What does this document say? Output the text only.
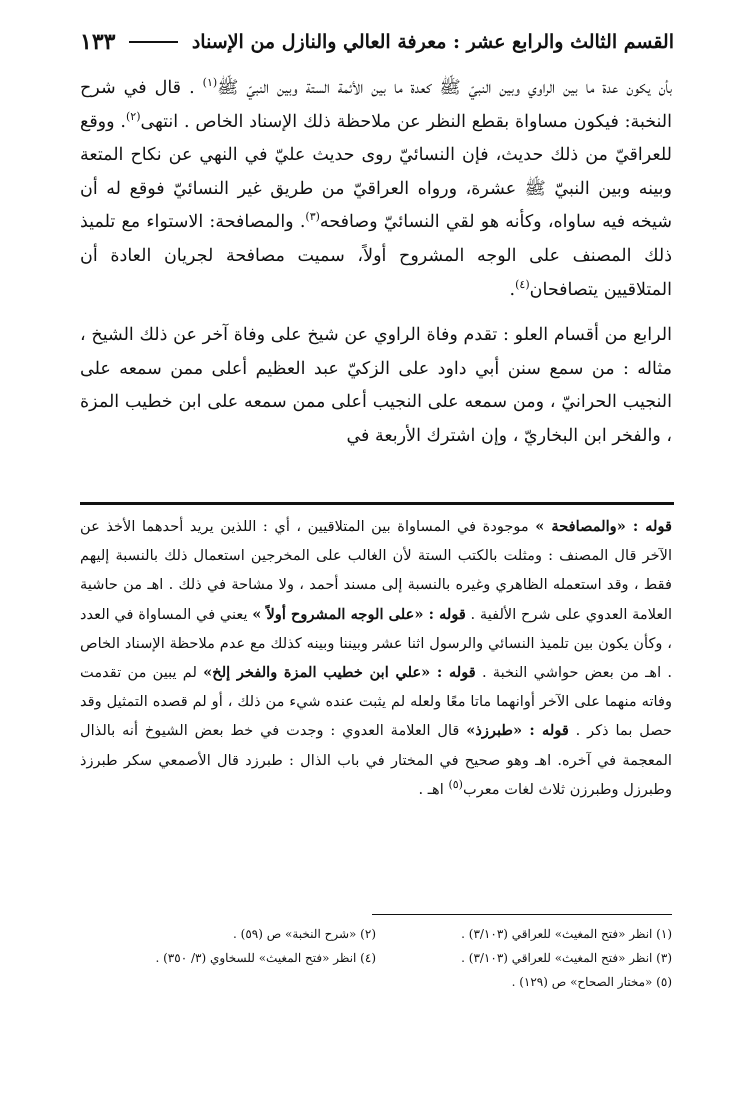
القسم الثالث والرابع عشر : معرفة العالي والنازل من الإسناد
١٣٣

بأن يكون عدة ما بين الراوي وبين النبيّ ﷺ كعدة ما بين الأئمة الستة وبين النبيّ ﷺ$^{(١)}$ . قال في شرح النخبة: فيكون مساواة بقطع النظر عن ملاحظة ذلك الإسناد الخاص . انتهى$^{(٢)}$. ووقع للعراقيّ من ذلك حديث، فإن النسائيّ روى حديث عليّ في النهي عن نكاح المتعة وبينه وبين النبيّ ﷺ عشرة، ورواه العراقيّ من طريق غير النسائيّ فوقع له أن شيخه فيه ساواه، وكأنه هو لقي النسائيّ وصافحه$^{(٣)}$. والمصافحة: الاستواء مع تلميذ ذلك المصنف على الوجه المشروح أولاً، سميت مصافحة لجريان العادة أن المتلاقيين يتصافحان$^{(٤)}$.

الرابع من أقسام العلو : تقدم وفاة الراوي عن شيخ على وفاة آخر عن ذلك الشيخ ، مثاله : من سمع سنن أبي داود على الزكيّ عبد العظيم أعلى ممن سمعه على النجيب الحرانيّ ، ومن سمعه على النجيب أعلى ممن سمعه على ابن خطيب المزة ، والفخر ابن البخاريّ ، وإن اشترك الأربعة في

قوله : «والمصافحة » موجودة في المساواة بين المتلاقيين ، أي : اللذين يريد أحدهما الأخذ عن الآخر قال المصنف : ومثلت بالكتب الستة لأن الغالب على المخرجين استعمال ذلك بالنسبة إليهم فقط ، وقد استعمله الظاهري وغيره بالنسبة إلى مسند أحمد ، ولا مشاحة في ذلك . اهـ من حاشية العلامة العدوي على شرح الألفية . قوله : «على الوجه المشروح أولاً » يعني في المساواة في العدد ، وكأن يكون بين تلميذ النسائي والرسول اثنا عشر وبيننا وبينه كذلك مع عدم ملاحظة الإسناد الخاص . اهـ من بعض حواشي النخبة . قوله : «علي ابن خطيب المزة والفخر إلخ» لم يبين من تقدمت وفاته منهما على الآخر أوانهما ماتا معًا ولعله لم يثبت عنده شيء من ذلك ، أو لم قصده التمثيل وقد حصل بما ذكر . قوله : «طبرزذ» قال العلامة العدوي : وجدت في خط بعض الشيوخ أنه بالذال المعجمة في آخره. اهـ وهو صحيح في المختار في باب الذال : طبرزد قال الأصمعي سكر طبرزذ وطبرزل وطبرزن ثلاث لغات معرب$^{(٥)}$ اهـ .

(١) انظر «فتح المغيث» للعراقي (٣/١٠٣) .
(٢) «شرح النخبة» ص (٥٩) .
(٣) انظر «فتح المغيث» للعراقي (٣/١٠٣) .
(٤) انظر «فتح المغيث» للسخاوي (٣/ ٣٥٠) .
(٥) «مختار الصحاح» ص (١٢٩) .
